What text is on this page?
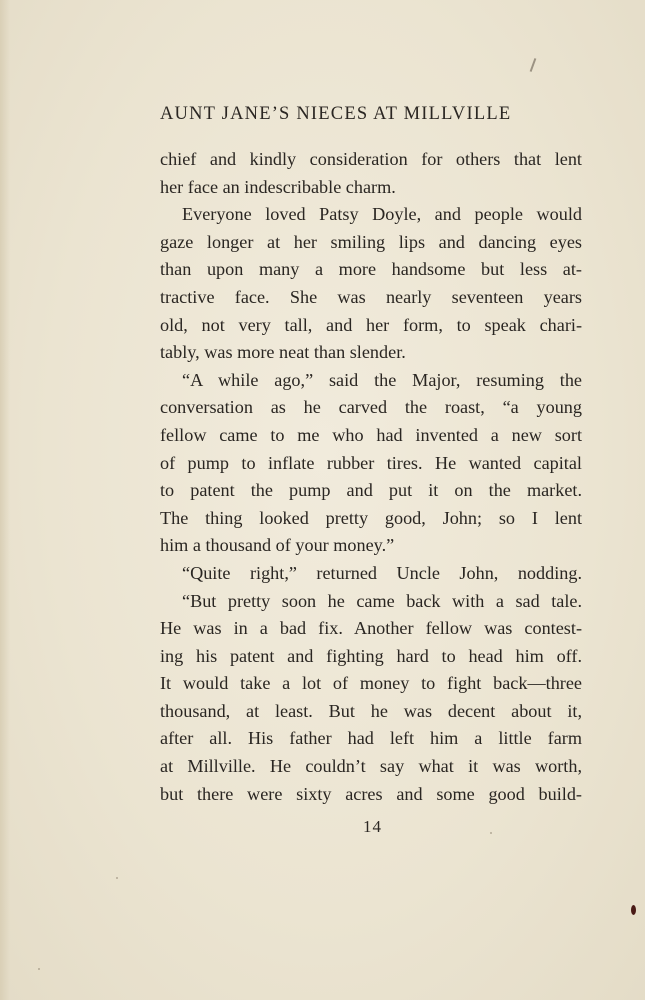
AUNT JANE’S NIECES AT MILLVILLE
chief and kindly consideration for others that lent
her face an indescribable charm.
Everyone loved Patsy Doyle, and people would
gaze longer at her smiling lips and dancing eyes
than upon many a more handsome but less at-
tractive face. She was nearly seventeen years
old, not very tall, and her form, to speak chari-
tably, was more neat than slender.
“A while ago,” said the Major, resuming the
conversation as he carved the roast, “a young
fellow came to me who had invented a new sort
of pump to inflate rubber tires. He wanted capital
to patent the pump and put it on the market.
The thing looked pretty good, John; so I lent
him a thousand of your money.”
“Quite right,” returned Uncle John, nodding.
“But pretty soon he came back with a sad tale.
He was in a bad fix. Another fellow was contest-
ing his patent and fighting hard to head him off.
It would take a lot of money to fight back—three
thousand, at least. But he was decent about it,
after all. His father had left him a little farm
at Millville. He couldn’t say what it was worth,
but there were sixty acres and some good build-
14
